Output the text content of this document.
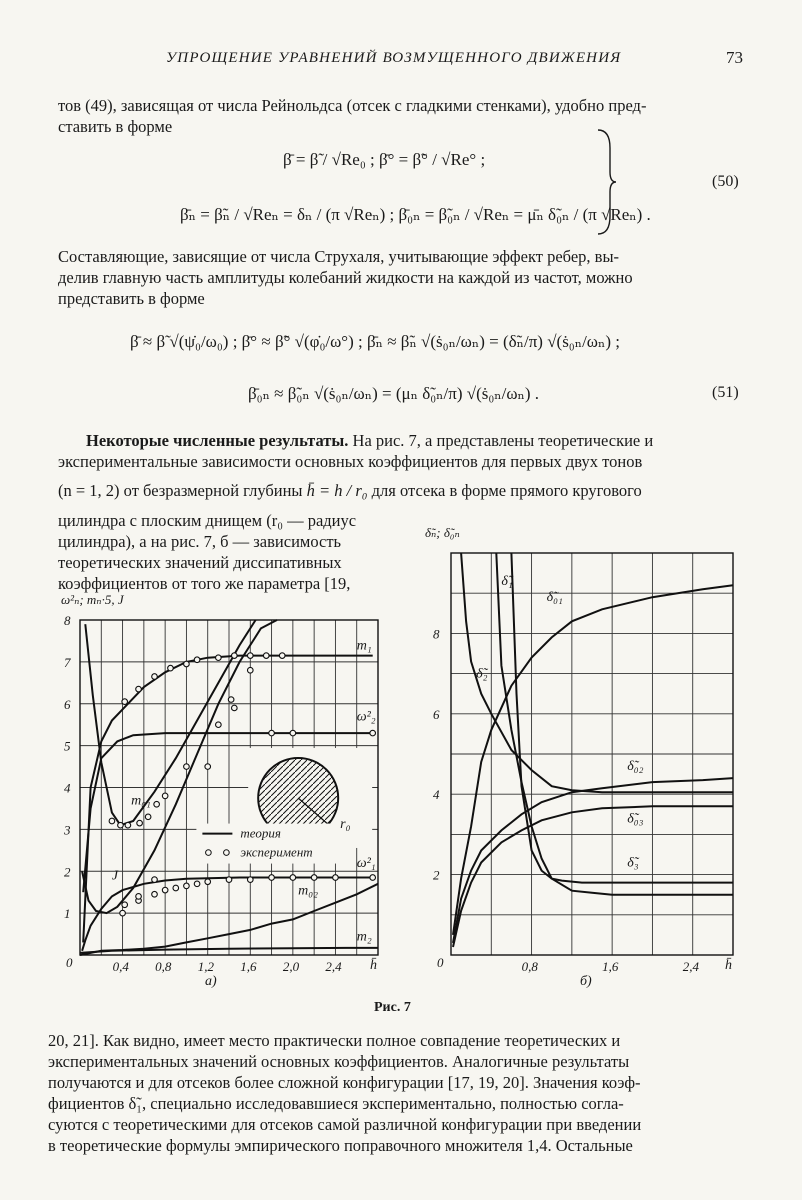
УПРОЩЕНИЕ УРАВНЕНИЙ ВОЗМУЩЕННОГО ДВИЖЕНИЯ	73
тов (49), зависящая от числа Рейнольдса (отсек с гладкими стенками), удобно пред-
ставить в форме
β̄ = β̃ / √Re₀ ; β̄° = β̃° / √Re° ;
β̄ₙ = β̃ₙ / √Reₙ = δₙ / (π √Reₙ) ; β̄₀ₙ = β̃₀ₙ / √Reₙ = μ̄ₙ δ̃₀ₙ / (π √Reₙ) .
(50)
Составляющие, зависящие от числа Струхаля, учитывающие эффект ребер, вы-
делив главную часть амплитуды колебаний жидкости на каждой из частот, можно
представить в форме
β̄ ≈ β̃ √(ψ̇₀/ω₀) ; β̄° ≈ β̃° √(φ̇₀/ω°) ; β̄ₙ ≈ β̃ₙ √(ṡ₀ₙ/ωₙ) = (δ̃ₙ/π) √(ṡ₀ₙ/ωₙ) ;
β̄₀ₙ ≈ β̃₀ₙ √(ṡ₀ₙ/ωₙ) = (μₙ δ̃₀ₙ/π) √(ṡ₀ₙ/ωₙ) .	(51)
Некоторые численные результаты. На рис. 7, а представлены теоретические и
экспериментальные зависимости основных коэффициентов для первых двух тонов
(n = 1, 2) от безразмерной глубины h̄ = h / r₀ для отсека в форме прямого кругового
цилиндра с плоским днищем (r₀ — радиус
цилиндра), а на рис. 7, б — зависимость
теоретических значений диссипативных
коэффициентов от того же параметра [19,
0,4 0,8 1,2 1,6 2,0 2,4
1
2
3
4
5
6
7
8
0	h̄
ω²ₙ; mₙ·5, J
a)
m₁
ω²₂
m₀₁
ω²₁
J
m₀₂
m₂
r₀
теория
эксперимент
0,8	1,6	2,4
2
4
6
8
0	h̄
δ̃ₙ; δ̃₀ₙ
б)
δ̃₁
δ̃₀₁
δ̃₂
δ̃₀₂
δ̃₀₃
δ̃₃
Рис. 7
20, 21]. Как видно, имеет место практически полное совпадение теоретических и
экспериментальных значений основных коэффициентов. Аналогичные результаты
получаются и для отсеков более сложной конфигурации [17, 19, 20]. Значения коэф-
фициентов δ̃₁, специально исследовавшиеся экспериментально, полностью согла-
суются с теоретическими для отсеков самой различной конфигурации при введении
в теоретические формулы эмпирического поправочного множителя 1,4. Остальные
